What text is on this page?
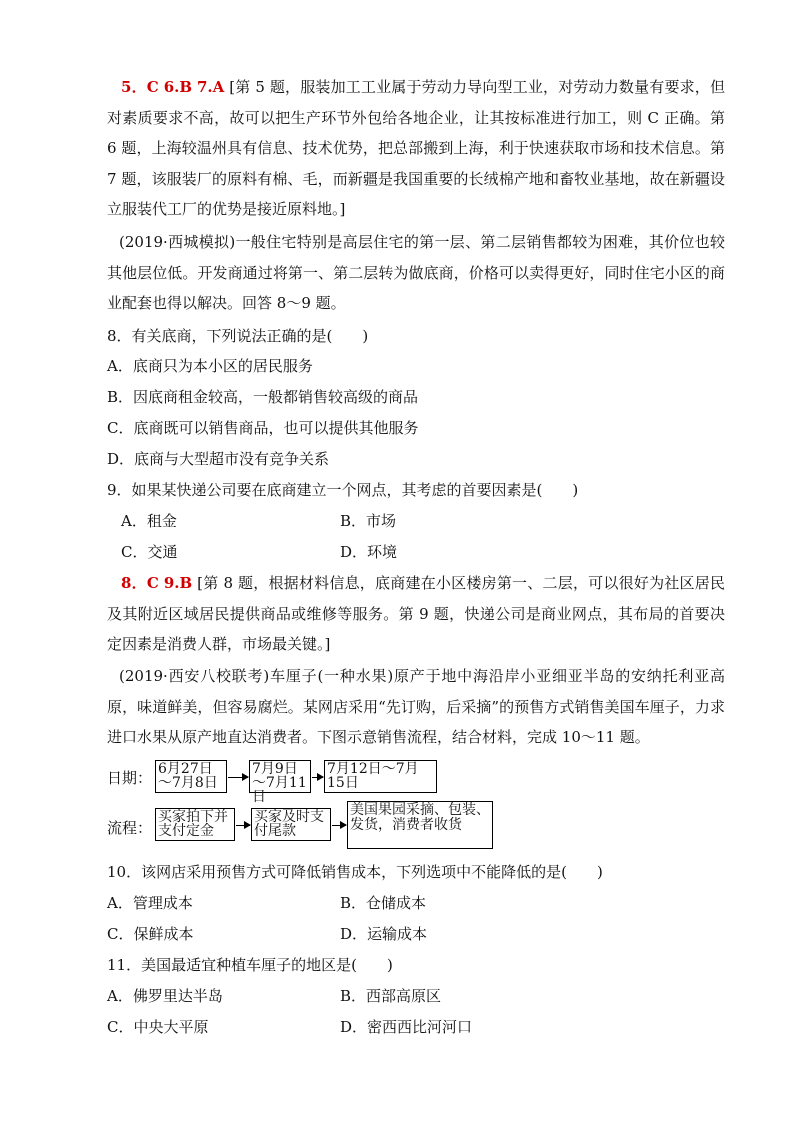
5．C 6.B 7.A [第 5 题，服装加工工业属于劳动力导向型工业，对劳动力数量有要求，但对素质要求不高，故可以把生产环节外包给各地企业，让其按标准进行加工，则 C 正确。第 6 题，上海较温州具有信息、技术优势，把总部搬到上海，利于快速获取市场和技术信息。第 7 题，该服装厂的原料有棉、毛，而新疆是我国重要的长绒棉产地和畜牧业基地，故在新疆设立服装代工厂的优势是接近原料地。]
(2019·西城模拟)一般住宅特别是高层住宅的第一层、第二层销售都较为困难，其价位也较其他层位低。开发商通过将第一、第二层转为做底商，价格可以卖得更好，同时住宅小区的商业配套也得以解决。回答 8～9 题。
8．有关底商，下列说法正确的是(　　)
A．底商只为本小区的居民服务
B．因底商租金较高，一般都销售较高级的商品
C．底商既可以销售商品，也可以提供其他服务
D．底商与大型超市没有竞争关系
9．如果某快递公司要在底商建立一个网点，其考虑的首要因素是(　　)
A．租金	B．市场
C．交通	D．环境
8．C 9.B [第 8 题，根据材料信息，底商建在小区楼房第一、二层，可以很好为社区居民及其附近区域居民提供商品或维修等服务。第 9 题，快递公司是商业网点，其布局的首要决定因素是消费人群，市场最关键。]
(2019·西安八校联考)车厘子(一种水果)原产于地中海沿岸小亚细亚半岛的安纳托利亚高原，味道鲜美，但容易腐烂。某网店采用“先订购，后采摘”的预售方式销售美国车厘子，力求进口水果从原产地直达消费者。下图示意销售流程，结合材料，完成 10～11 题。
日期： 6月27日～7月8日
7月9日～7月11日
7月12日～7月15日
流程：
买家拍下并支付定金
买家及时支付尾款
美国果园采摘、包装、发货，消费者收货
10．该网店采用预售方式可降低销售成本，下列选项中不能降低的是(　　)
A．管理成本	B．仓储成本
C．保鲜成本	D．运输成本
11．美国最适宜种植车厘子的地区是(　　)
A．佛罗里达半岛	B．西部高原区
C．中央大平原	D．密西西比河河口
